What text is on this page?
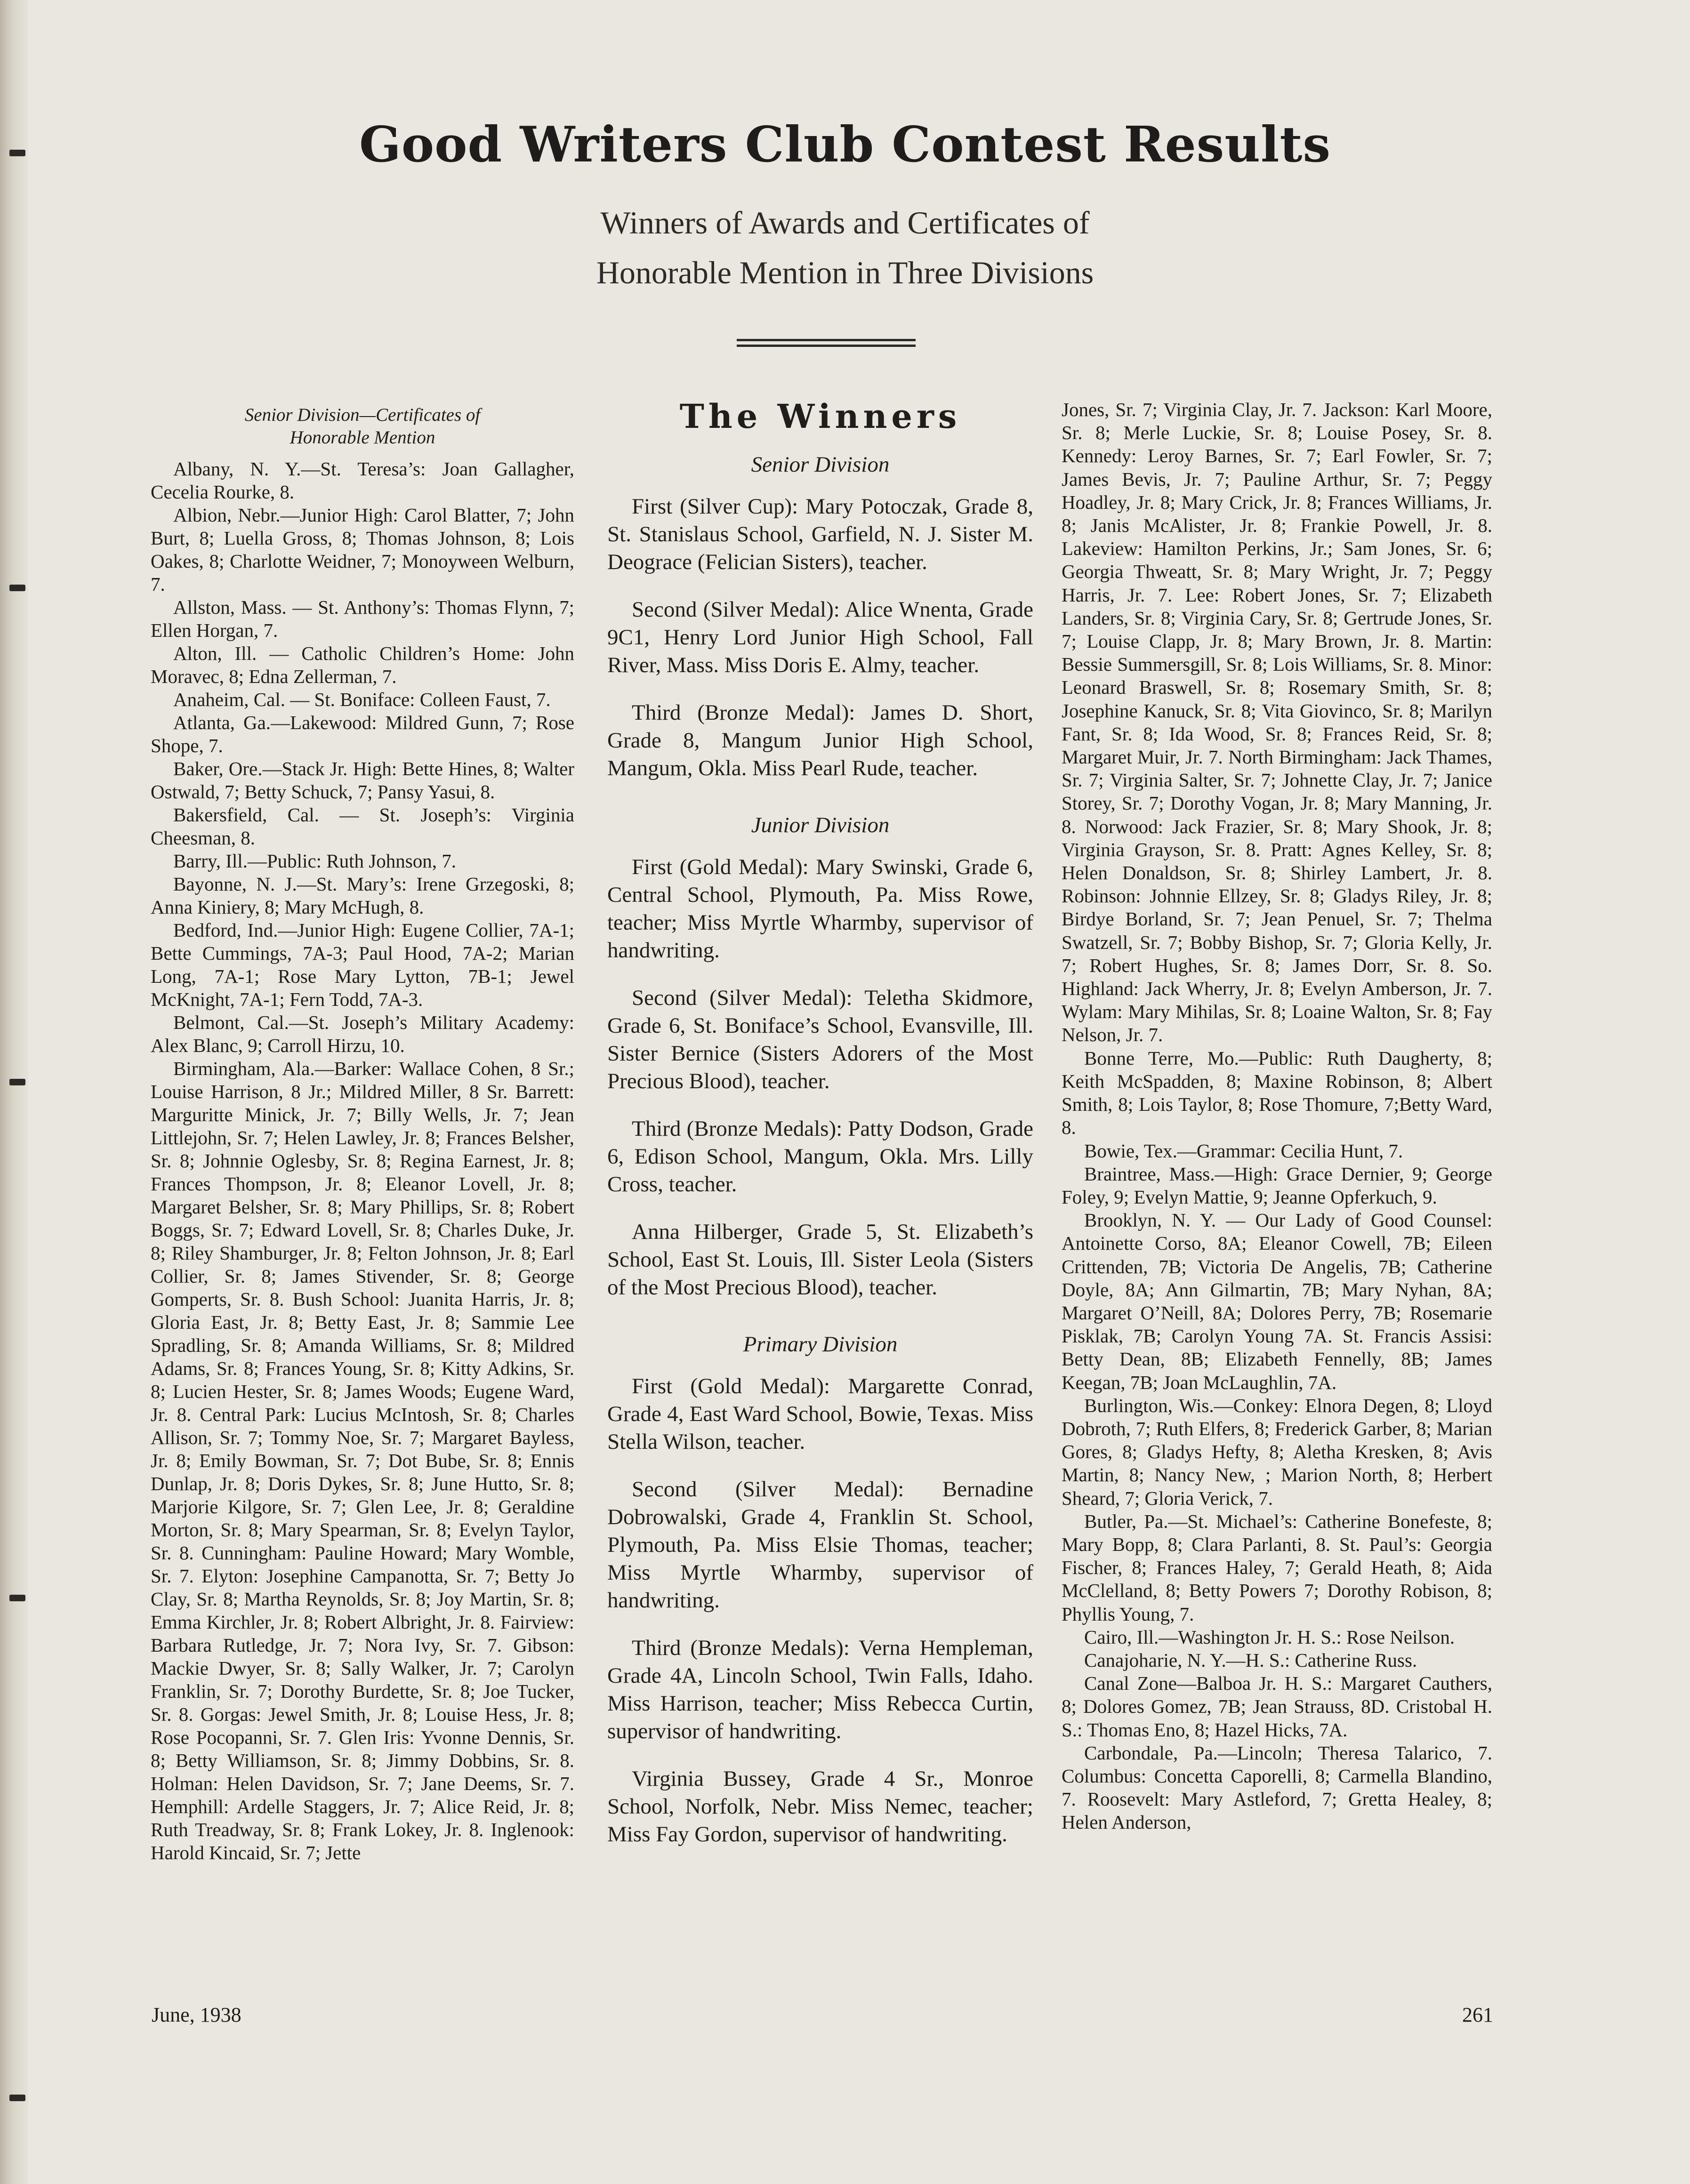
Good Writers Club Contest Results
Winners of Awards and Certificates of
Honorable Mention in Three Divisions
Senior Division—Certificates of
Honorable Mention

Albany, N. Y.—St. Teresa’s: Joan Gallagher, Cecelia Rourke, 8.

Albion, Nebr.—Junior High: Carol Blatter, 7; John Burt, 8; Luella Gross, 8; Thomas Johnson, 8; Lois Oakes, 8; Charlotte Weidner, 7; Monoyween Welburn, 7.

Allston, Mass. — St. Anthony’s: Thomas Flynn, 7; Ellen Horgan, 7.

Alton, Ill. — Catholic Children’s Home: John Moravec, 8; Edna Zellerman, 7.

Anaheim, Cal. — St. Boniface: Colleen Faust, 7.

Atlanta, Ga.—Lakewood: Mildred Gunn, 7; Rose Shope, 7.

Baker, Ore.—Stack Jr. High: Bette Hines, 8; Walter Ostwald, 7; Betty Schuck, 7; Pansy Yasui, 8.

Bakersfield, Cal. — St. Joseph’s: Virginia Cheesman, 8.

Barry, Ill.—Public: Ruth Johnson, 7.

Bayonne, N. J.—St. Mary’s: Irene Grzegoski, 8; Anna Kiniery, 8; Mary McHugh, 8.

Bedford, Ind.—Junior High: Eugene Collier, 7A-1; Bette Cummings, 7A-3; Paul Hood, 7A-2; Marian Long, 7A-1; Rose Mary Lytton, 7B-1; Jewel McKnight, 7A-1; Fern Todd, 7A-3.

Belmont, Cal.—St. Joseph’s Military Academy: Alex Blanc, 9; Carroll Hirzu, 10.

Birmingham, Ala.—Barker: Wallace Cohen, 8 Sr.; Louise Harrison, 8 Jr.; Mildred Miller, 8 Sr. Barrett: Marguritte Minick, Jr. 7; Billy Wells, Jr. 7; Jean Littlejohn, Sr. 7; Helen Lawley, Jr. 8; Frances Belsher, Sr. 8; Johnnie Oglesby, Sr. 8; Regina Earnest, Jr. 8; Frances Thompson, Jr. 8; Eleanor Lovell, Jr. 8; Margaret Belsher, Sr. 8; Mary Phillips, Sr. 8; Robert Boggs, Sr. 7; Edward Lovell, Sr. 8; Charles Duke, Jr. 8; Riley Shamburger, Jr. 8; Felton Johnson, Jr. 8; Earl Collier, Sr. 8; James Stivender, Sr. 8; George Gomperts, Sr. 8. Bush School: Juanita Harris, Jr. 8; Gloria East, Jr. 8; Betty East, Jr. 8; Sammie Lee Spradling, Sr. 8; Amanda Williams, Sr. 8; Mildred Adams, Sr. 8; Frances Young, Sr. 8; Kitty Adkins, Sr. 8; Lucien Hester, Sr. 8; James Woods; Eugene Ward, Jr. 8. Central Park: Lucius McIntosh, Sr. 8; Charles Allison, Sr. 7; Tommy Noe, Sr. 7; Margaret Bayless, Jr. 8; Emily Bowman, Sr. 7; Dot Bube, Sr. 8; Ennis Dunlap, Jr. 8; Doris Dykes, Sr. 8; June Hutto, Sr. 8; Marjorie Kilgore, Sr. 7; Glen Lee, Jr. 8; Geraldine Morton, Sr. 8; Mary Spearman, Sr. 8; Evelyn Taylor, Sr. 8. Cunningham: Pauline Howard; Mary Womble, Sr. 7. Elyton: Josephine Campanotta, Sr. 7; Betty Jo Clay, Sr. 8; Martha Reynolds, Sr. 8; Joy Martin, Sr. 8; Emma Kirchler, Jr. 8; Robert Albright, Jr. 8. Fairview: Barbara Rutledge, Jr. 7; Nora Ivy, Sr. 7. Gibson: Mackie Dwyer, Sr. 8; Sally Walker, Jr. 7; Carolyn Franklin, Sr. 7; Dorothy Burdette, Sr. 8; Joe Tucker, Sr. 8. Gorgas: Jewel Smith, Jr. 8; Louise Hess, Jr. 8; Rose Pocopanni, Sr. 7. Glen Iris: Yvonne Dennis, Sr. 8; Betty Williamson, Sr. 8; Jimmy Dobbins, Sr. 8. Holman: Helen Davidson, Sr. 7; Jane Deems, Sr. 7. Hemphill: Ardelle Staggers, Jr. 7; Alice Reid, Jr. 8; Ruth Treadway, Sr. 8; Frank Lokey, Jr. 8. Inglenook: Harold Kincaid, Sr. 7; Jette

The Winners
Senior Division

First (Silver Cup): Mary Potoczak, Grade 8, St. Stanislaus School, Garfield, N. J. Sister M. Deograce (Felician Sisters), teacher.

Second (Silver Medal): Alice Wnenta, Grade 9C1, Henry Lord Junior High School, Fall River, Mass. Miss Doris E. Almy, teacher.

Third (Bronze Medal): James D. Short, Grade 8, Mangum Junior High School, Mangum, Okla. Miss Pearl Rude, teacher.

Junior Division

First (Gold Medal): Mary Swinski, Grade 6, Central School, Plymouth, Pa. Miss Rowe, teacher; Miss Myrtle Wharmby, supervisor of handwriting.

Second (Silver Medal): Teletha Skidmore, Grade 6, St. Boniface’s School, Evansville, Ill. Sister Bernice (Sisters Adorers of the Most Precious Blood), teacher.

Third (Bronze Medals): Patty Dodson, Grade 6, Edison School, Mangum, Okla. Mrs. Lilly Cross, teacher.

Anna Hilberger, Grade 5, St. Elizabeth’s School, East St. Louis, Ill. Sister Leola (Sisters of the Most Precious Blood), teacher.

Primary Division

First (Gold Medal): Margarette Conrad, Grade 4, East Ward School, Bowie, Texas. Miss Stella Wilson, teacher.

Second (Silver Medal): Bernadine Dobrowalski, Grade 4, Franklin St. School, Plymouth, Pa. Miss Elsie Thomas, teacher; Miss Myrtle Wharmby, supervisor of handwriting.

Third (Bronze Medals): Verna Hempleman, Grade 4A, Lincoln School, Twin Falls, Idaho. Miss Harrison, teacher; Miss Rebecca Curtin, supervisor of handwriting.

Virginia Bussey, Grade 4 Sr., Monroe School, Norfolk, Nebr. Miss Nemec, teacher; Miss Fay Gordon, supervisor of handwriting.

Jones, Sr. 7; Virginia Clay, Jr. 7. Jackson: Karl Moore, Sr. 8; Merle Luckie, Sr. 8; Louise Posey, Sr. 8. Kennedy: Leroy Barnes, Sr. 7; Earl Fowler, Sr. 7; James Bevis, Jr. 7; Pauline Arthur, Sr. 7; Peggy Hoadley, Jr. 8; Mary Crick, Jr. 8; Frances Williams, Jr. 8; Janis McAlister, Jr. 8; Frankie Powell, Jr. 8. Lakeview: Hamilton Perkins, Jr.; Sam Jones, Sr. 6; Georgia Thweatt, Sr. 8; Mary Wright, Jr. 7; Peggy Harris, Jr. 7. Lee: Robert Jones, Sr. 7; Elizabeth Landers, Sr. 8; Virginia Cary, Sr. 8; Gertrude Jones, Sr. 7; Louise Clapp, Jr. 8; Mary Brown, Jr. 8. Martin: Bessie Summersgill, Sr. 8; Lois Williams, Sr. 8. Minor: Leonard Braswell, Sr. 8; Rosemary Smith, Sr. 8; Josephine Kanuck, Sr. 8; Vita Giovinco, Sr. 8; Marilyn Fant, Sr. 8; Ida Wood, Sr. 8; Frances Reid, Sr. 8; Margaret Muir, Jr. 7. North Birmingham: Jack Thames, Sr. 7; Virginia Salter, Sr. 7; Johnette Clay, Jr. 7; Janice Storey, Sr. 7; Dorothy Vogan, Jr. 8; Mary Manning, Jr. 8. Norwood: Jack Frazier, Sr. 8; Mary Shook, Jr. 8; Virginia Grayson, Sr. 8. Pratt: Agnes Kelley, Sr. 8; Helen Donaldson, Sr. 8; Shirley Lambert, Jr. 8. Robinson: Johnnie Ellzey, Sr. 8; Gladys Riley, Jr. 8; Birdye Borland, Sr. 7; Jean Penuel, Sr. 7; Thelma Swatzell, Sr. 7; Bobby Bishop, Sr. 7; Gloria Kelly, Jr. 7; Robert Hughes, Sr. 8; James Dorr, Sr. 8. So. Highland: Jack Wherry, Jr. 8; Evelyn Amberson, Jr. 7. Wylam: Mary Mihilas, Sr. 8; Loaine Walton, Sr. 8; Fay Nelson, Jr. 7.

Bonne Terre, Mo.—Public: Ruth Daugherty, 8; Keith McSpadden, 8; Maxine Robinson, 8; Albert Smith, 8; Lois Taylor, 8; Rose Thomure, 7;Betty Ward, 8.

Bowie, Tex.—Grammar: Cecilia Hunt, 7.

Braintree, Mass.—High: Grace Dernier, 9; George Foley, 9; Evelyn Mattie, 9; Jeanne Opferkuch, 9.

Brooklyn, N. Y. — Our Lady of Good Counsel: Antoinette Corso, 8A; Eleanor Cowell, 7B; Eileen Crittenden, 7B; Victoria De Angelis, 7B; Catherine Doyle, 8A; Ann Gilmartin, 7B; Mary Nyhan, 8A; Margaret O’Neill, 8A; Dolores Perry, 7B; Rosemarie Pisklak, 7B; Carolyn Young 7A. St. Francis Assisi: Betty Dean, 8B; Elizabeth Fennelly, 8B; James Keegan, 7B; Joan McLaughlin, 7A.

Burlington, Wis.—Conkey: Elnora Degen, 8; Lloyd Dobroth, 7; Ruth Elfers, 8; Frederick Garber, 8; Marian Gores, 8; Gladys Hefty, 8; Aletha Kresken, 8; Avis Martin, 8; Nancy New, ; Marion North, 8; Herbert Sheard, 7; Gloria Verick, 7.

Butler, Pa.—St. Michael’s: Catherine Bonefeste, 8; Mary Bopp, 8; Clara Parlanti, 8. St. Paul’s: Georgia Fischer, 8; Frances Haley, 7; Gerald Heath, 8; Aida McClelland, 8; Betty Powers 7; Dorothy Robison, 8; Phyllis Young, 7.

Cairo, Ill.—Washington Jr. H. S.: Rose Neilson.

Canajoharie, N. Y.—H. S.: Catherine Russ.

Canal Zone—Balboa Jr. H. S.: Margaret Cauthers, 8; Dolores Gomez, 7B; Jean Strauss, 8D. Cristobal H. S.: Thomas Eno, 8; Hazel Hicks, 7A.

Carbondale, Pa.—Lincoln; Theresa Talarico, 7. Columbus: Concetta Caporelli, 8; Carmella Blandino, 7. Roosevelt: Mary Astleford, 7; Gretta Healey, 8; Helen Anderson,

June, 1938	261
